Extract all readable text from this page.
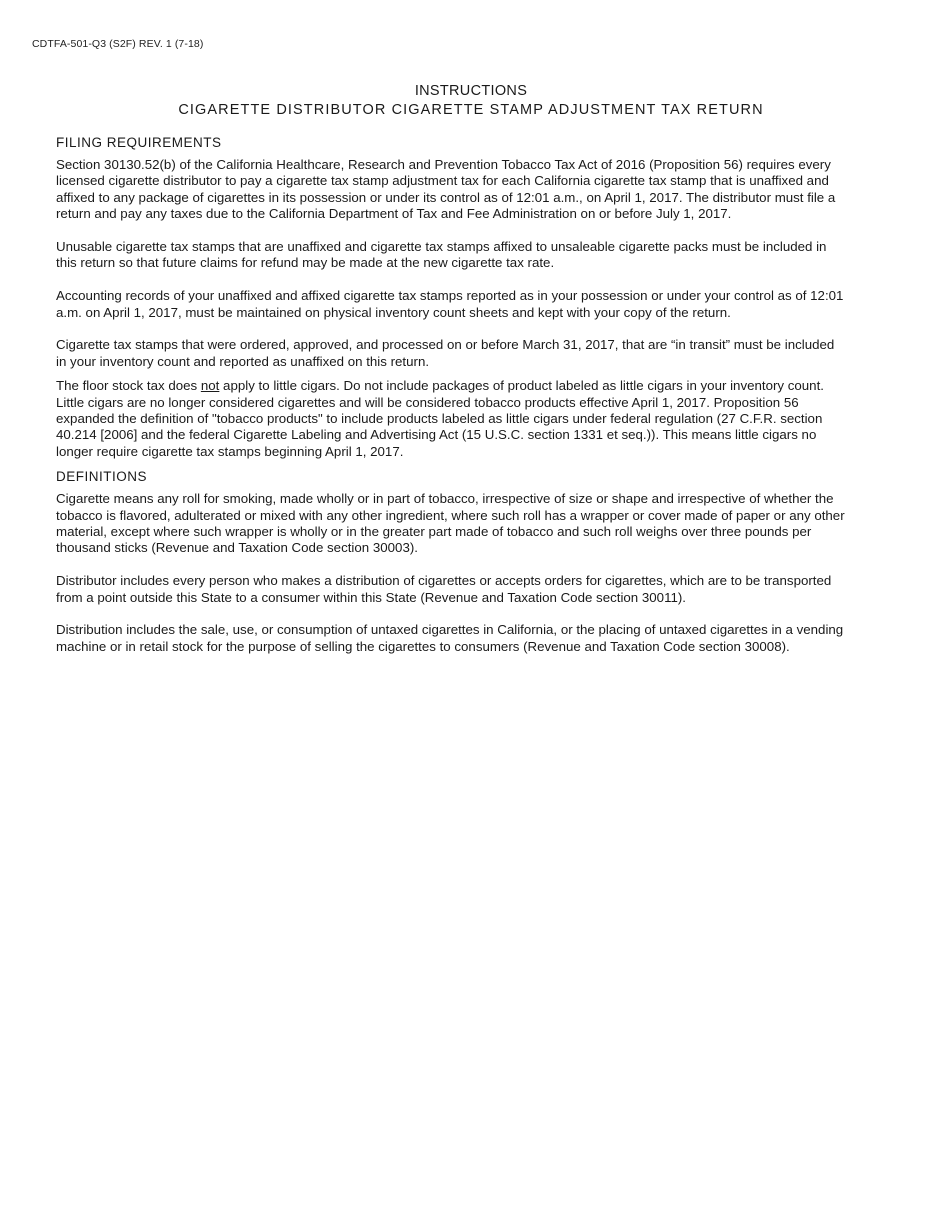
CDTFA-501-Q3 (S2F) REV. 1 (7-18)
INSTRUCTIONS
CIGARETTE DISTRIBUTOR CIGARETTE STAMP ADJUSTMENT TAX RETURN
FILING REQUIREMENTS

Section 30130.52(b) of the California Healthcare, Research and Prevention Tobacco Tax Act of 2016 (Proposition 56) requires every licensed cigarette distributor to pay a cigarette tax stamp adjustment tax for each California cigarette tax stamp that is unaffixed and affixed to any package of cigarettes in its possession or under its control as of 12:01 a.m., on April 1, 2017. The distributor must file a return and pay any taxes due to the California Department of Tax and Fee Administration on or before July 1, 2017.

Unusable cigarette tax stamps that are unaffixed and cigarette tax stamps affixed to unsaleable cigarette packs must be included in this return so that future claims for refund may be made at the new cigarette tax rate.

Accounting records of your unaffixed and affixed cigarette tax stamps reported as in your possession or under your control as of 12:01 a.m. on April 1, 2017, must be maintained on physical inventory count sheets and kept with your copy of the return.

Cigarette tax stamps that were ordered, approved, and processed on or before March 31, 2017, that are “in transit” must be included in your inventory count and reported as unaffixed on this return.

The floor stock tax does not apply to little cigars. Do not include packages of product labeled as little cigars in your inventory count. Little cigars are no longer considered cigarettes and will be considered tobacco products effective April 1, 2017. Proposition 56 expanded the definition of "tobacco products" to include products labeled as little cigars under federal regulation (27 C.F.R. section 40.214 [2006] and the federal Cigarette Labeling and Advertising Act (15 U.S.C. section 1331 et seq.)). This means little cigars no longer require cigarette tax stamps beginning April 1, 2017.

DEFINITIONS

Cigarette means any roll for smoking, made wholly or in part of tobacco, irrespective of size or shape and irrespective of whether the tobacco is flavored, adulterated or mixed with any other ingredient, where such roll has a wrapper or cover made of paper or any other material, except where such wrapper is wholly or in the greater part made of tobacco and such roll weighs over three pounds per thousand sticks (Revenue and Taxation Code section 30003).

Distributor includes every person who makes a distribution of cigarettes or accepts orders for cigarettes, which are to be transported from a point outside this State to a consumer within this State (Revenue and Taxation Code section 30011).

Distribution includes the sale, use, or consumption of untaxed cigarettes in California, or the placing of untaxed cigarettes in a vending machine or in retail stock for the purpose of selling the cigarettes to consumers (Revenue and Taxation Code section 30008).
